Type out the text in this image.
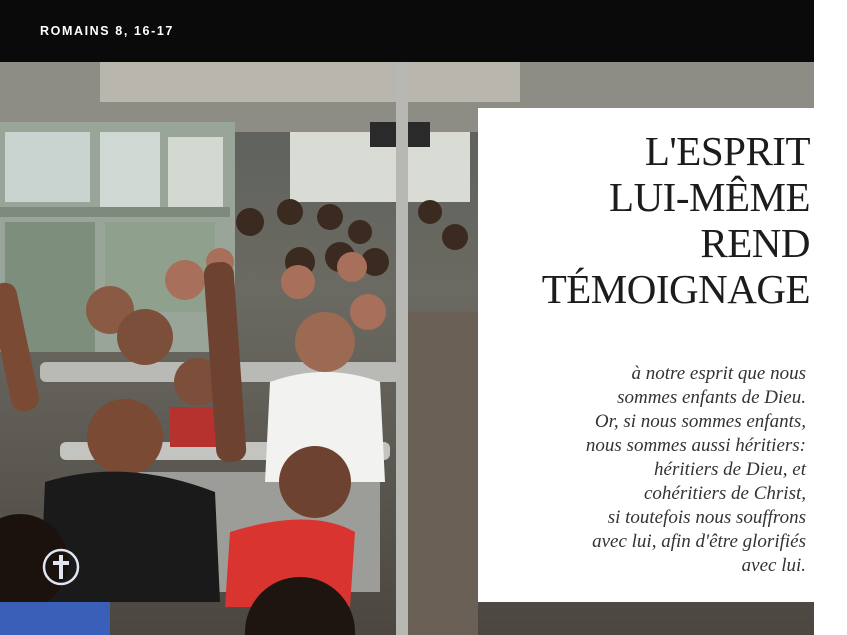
ROMAINS 8, 16-17
L'ESPRIT
LUI-MÊME
REND
TÉMOIGNAGE
à notre esprit que nous
sommes enfants de Dieu.
Or, si nous sommes enfants,
nous sommes aussi héritiers:
héritiers de Dieu, et
cohéritiers de Christ,
si toutefois nous souffrons
avec lui, afin d'être glorifiés
avec lui.
